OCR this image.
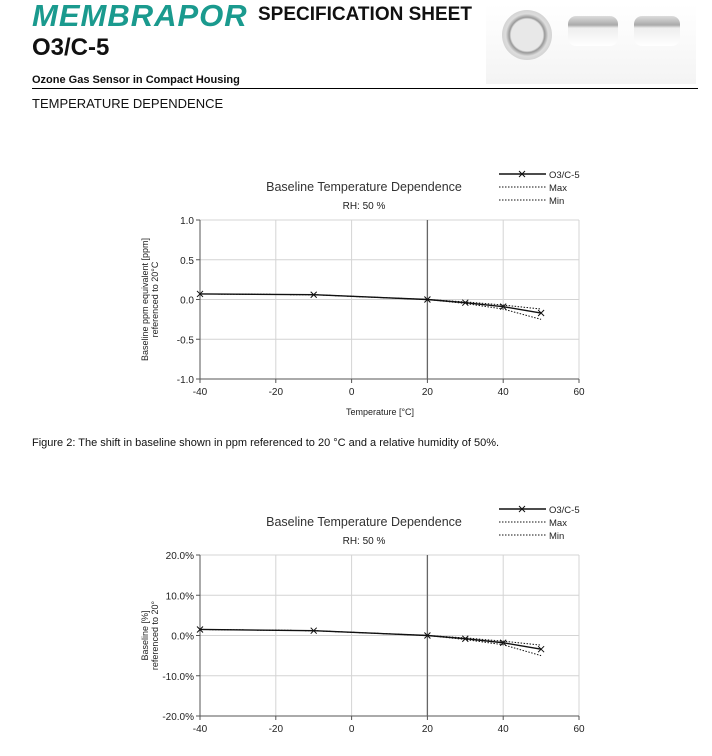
MEMBRAPOR SPECIFICATION SHEET
O3/C-5
Ozone Gas Sensor in Compact Housing
TEMPERATURE DEPENDENCE
-40	-20	0	20	40	60
1.0
0.5
0.0
-0.5
-1.0
Baseline Temperature Dependence
RH: 50 %
Temperature [°C]
Baseline ppm equivalent [ppm] referenced to 20°C
O3/C-5
Max
Min
Figure 2: The shift in baseline shown in ppm referenced to 20 °C and a relative humidity of 50%.
-40	-20	0	20	40	60
20.0%
10.0%
0.0%
-10.0%
-20.0%
Baseline Temperature Dependence
RH: 50 %
Baseline [%] referenced to 20°
O3/C-5
Max
Min
